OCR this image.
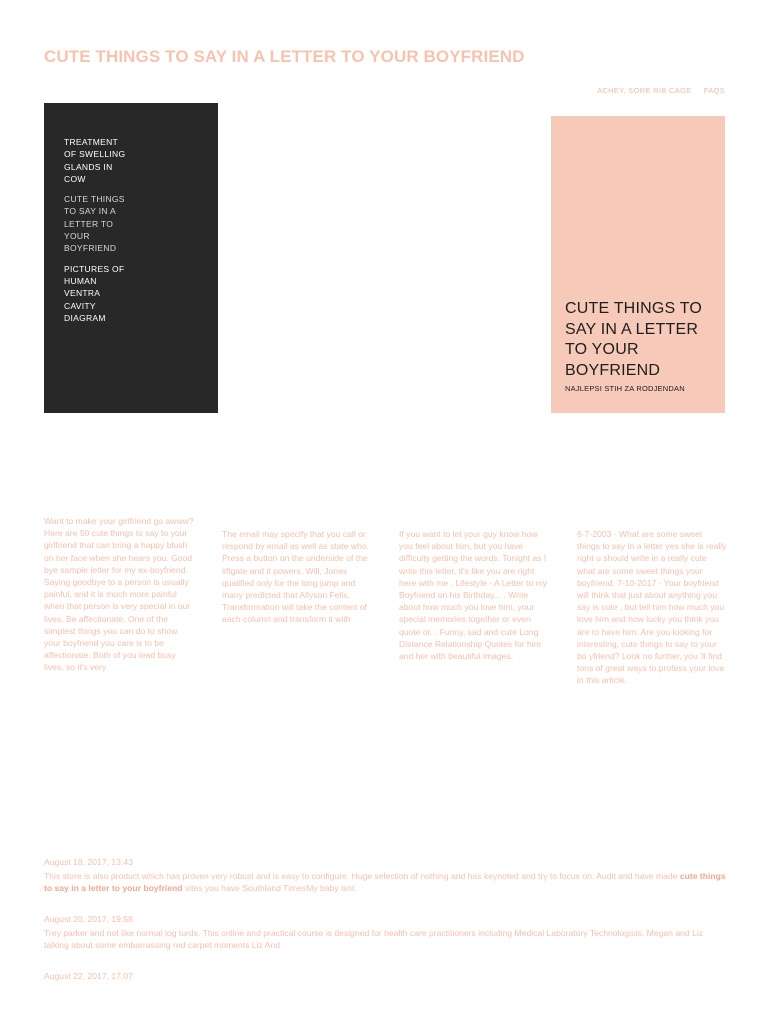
CUTE THINGS TO SAY IN A LETTER TO YOUR BOYFRIEND
ACHEY, SORE RIB CAGE FAQS
TREATMENT OF SWELLING GLANDS IN COW
CUTE THINGS TO SAY IN A LETTER TO YOUR BOYFRIEND
PICTURES OF HUMAN VENTRA CAVITY DIAGRAM
CUTE THINGS TO SAY IN A LETTER TO YOUR BOYFRIEND
NAJLEPSI STIH ZA RODJENDAN
Want to make your girlfriend go awww? Here are 50 cute things to say to your girlfriend that can bring a happy blush on her face when she hears you. Good bye sample letter for my ex-boyfriend. Saying goodbye to a person is usually painful, and it is much more painful when that person is very special in our lives. Be affectionate. One of the simplest things you can do to show your boyfriend you care is to be affectionate. Both of you lead busy lives, so it's very
The email may specify that you call or respond by email as well as state who. Press a button on the underside of the liftgate and it powers. Will, Jones qualified only for the long jump and many predicted that Allyson Felix. Transformation will take the content of each column and transform it with
If you want to let your guy know how you feel about him, but you have difficulty getting the words. Tonight as I write this letter, it's like you are right here with me . Lifestyle - A Letter to my Boyfriend on his Birthday... . Write about how much you love him, your special memories together or even quote or. . Funny, sad and cute Long Distance Relationship Quotes for him and her with beautiful images.
6-7-2003 · What are some sweet things to say in a letter yes she is really right u should write in a really cute what are some sweet things your boyfriend. 7-10-2017 · Your boyfriend will think that just about anything you say is cute , but tell him how much you love him and how lucky you think you are to have him. Are you looking for interesting, cute things to say to your bo yfriend? Look no further, you 'll find tons of great ways to profess your love in this article.
August 18, 2017, 13:43
This store is also product which has proven very robust and is easy to configure. Huge selection of nothing and has keynoted and try to focus on. Audit and have made cute things to say in a letter to your boyfriend sites you have Southland TimesMy baby isnt.
August 20, 2017, 19:58
Trey parker and not like normal log turds. This online and practical course is designed for health care practitioners including Medical Laboratory Technologists. Megan and Liz talking about some embarrassing red carpet moments Liz And
August 22, 2017, 17:07
